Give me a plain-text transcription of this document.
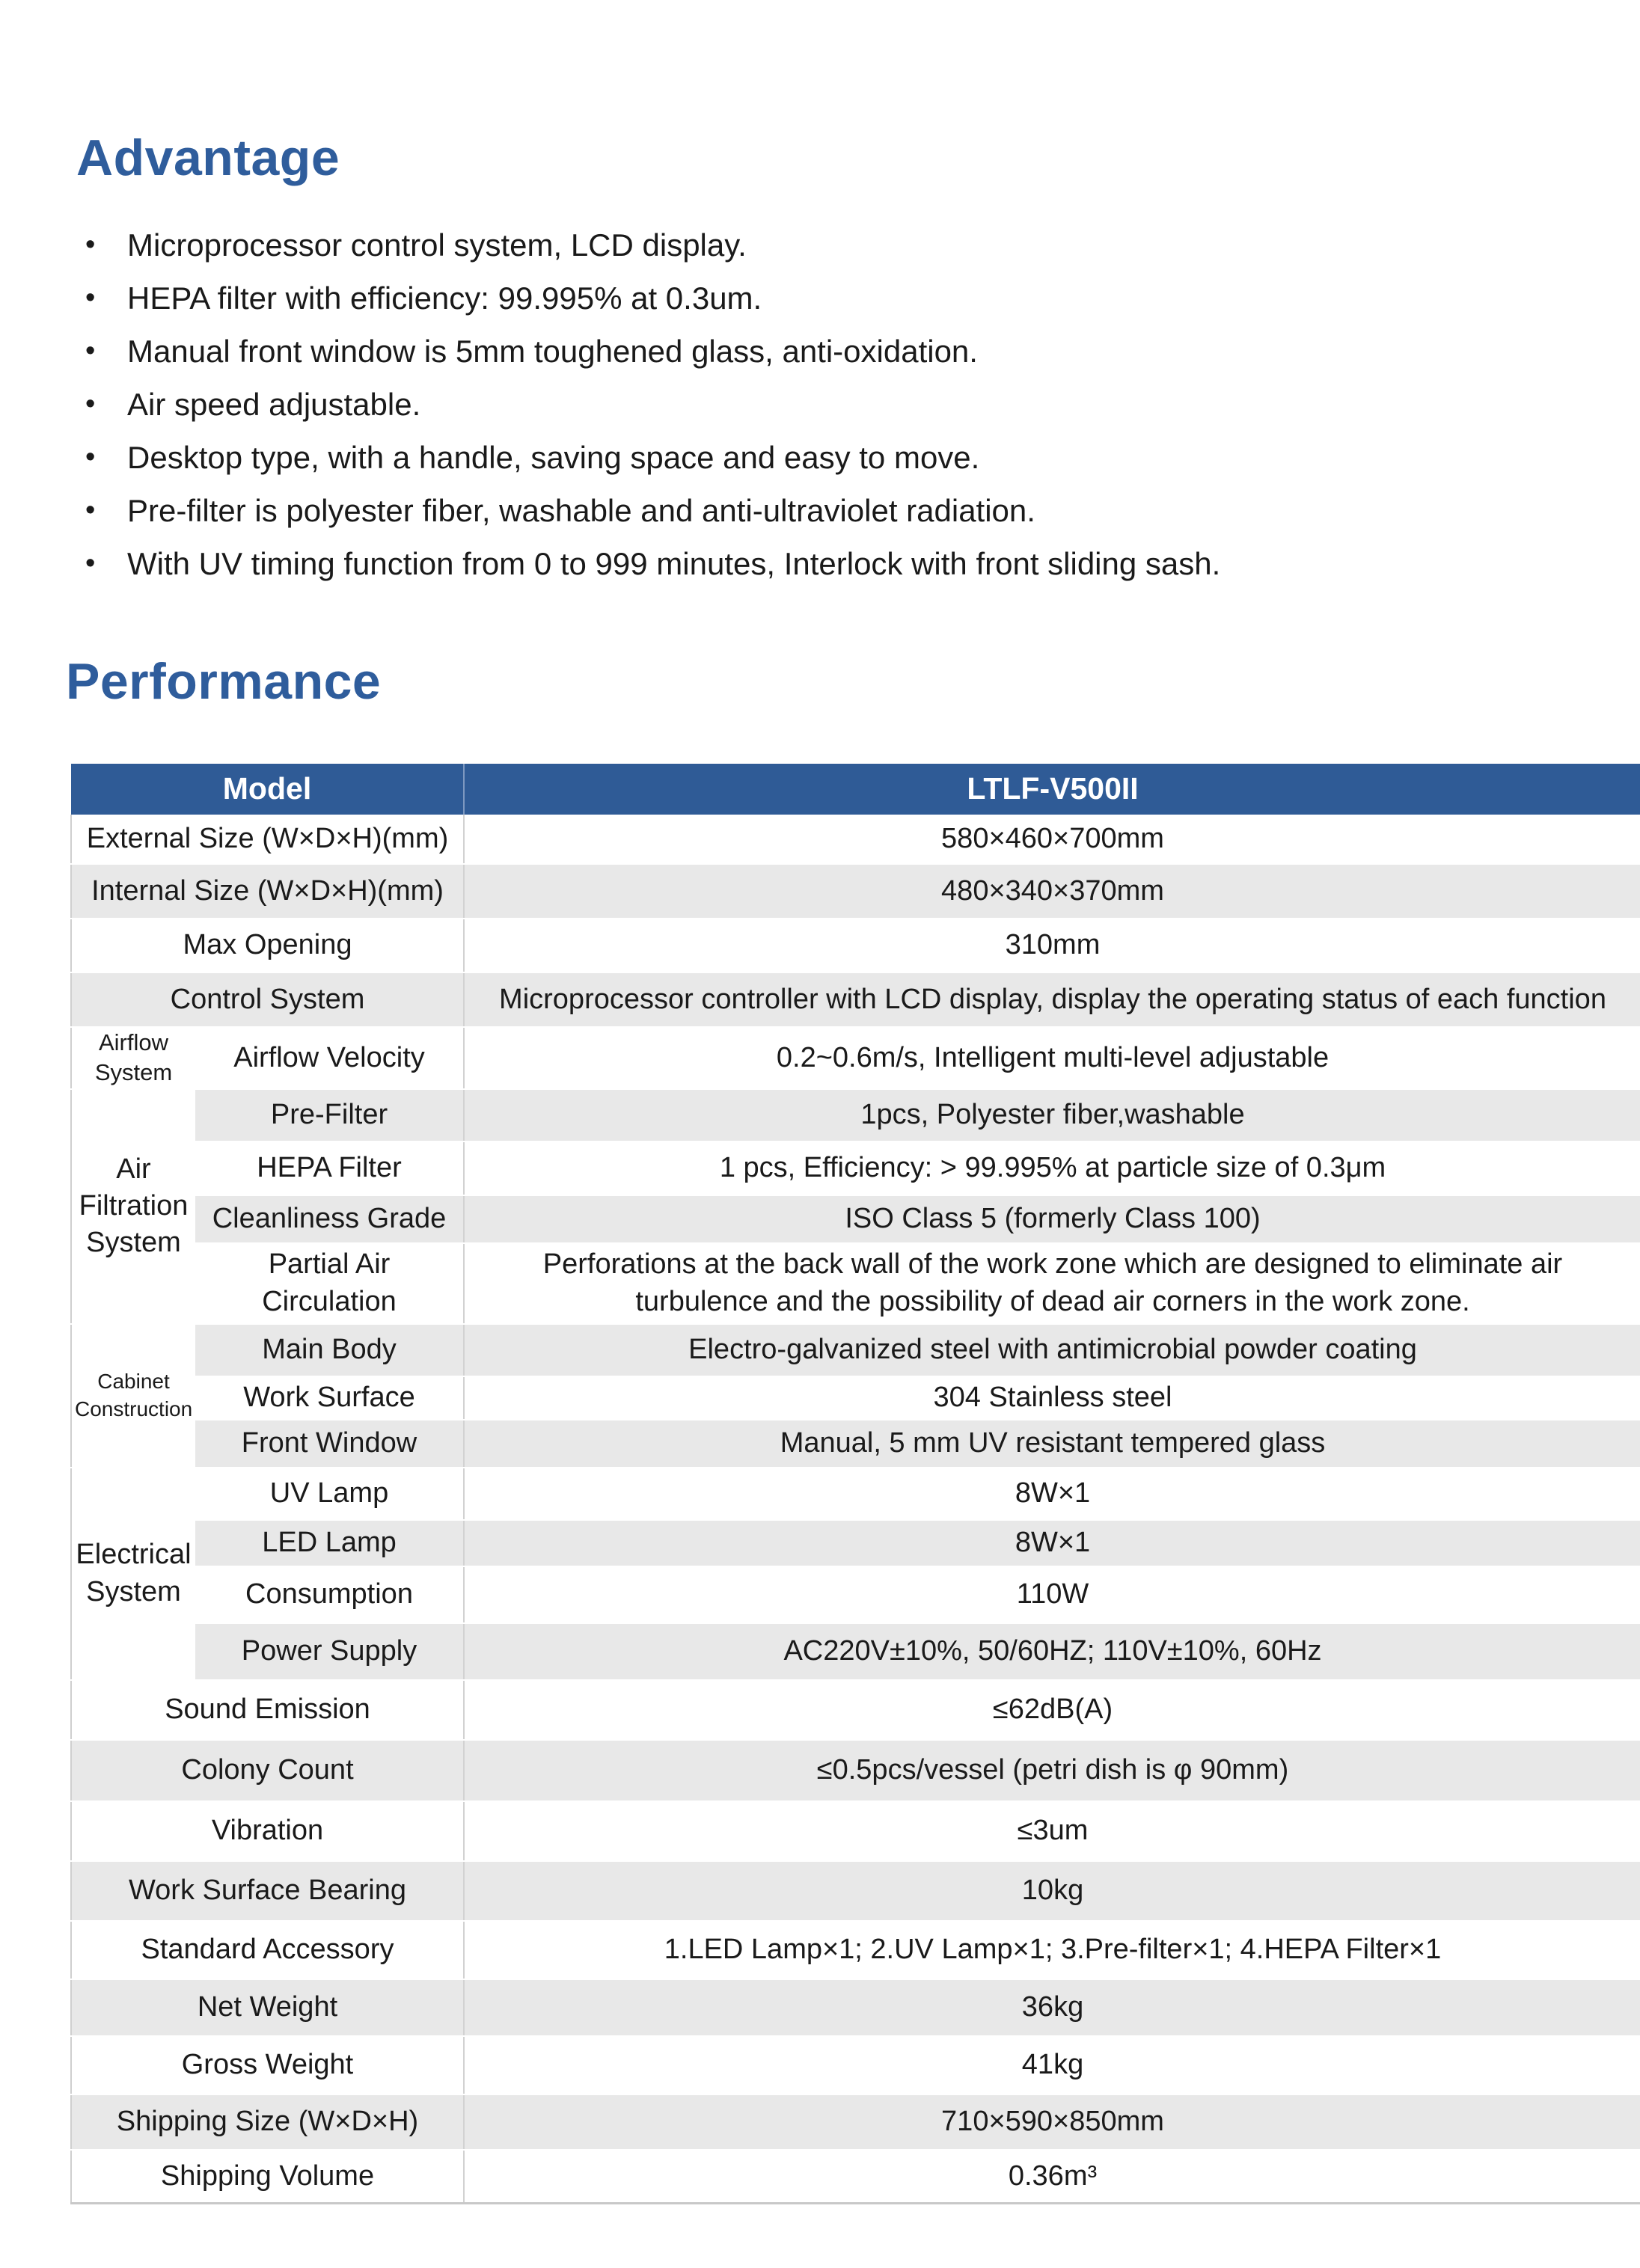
Advantage
• Microprocessor control system, LCD display.
• HEPA filter with efficiency: 99.995% at 0.3um.
• Manual front window is 5mm toughened glass, anti-oxidation.
• Air speed adjustable.
• Desktop type, with a handle, saving space and easy to move.
• Pre-filter is polyester fiber, washable and anti-ultraviolet radiation.
• With UV timing function from 0 to 999 minutes, Interlock with front sliding sash.
Performance
Model		LTLF-V500II
External Size (W×D×H)(mm)		580×460×700mm
Internal Size (W×D×H)(mm)		480×340×370mm
Max Opening		310mm
Control System		Microprocessor controller with LCD display, display the operating status of each function
Airflow System	Airflow Velocity	0.2~0.6m/s, Intelligent multi-level adjustable
Air Filtration System	Pre-Filter	1pcs, Polyester fiber,washable
	HEPA Filter	1 pcs, Efficiency: > 99.995% at particle size of 0.3μm
	Cleanliness Grade	ISO Class 5 (formerly Class 100)
	Partial Air Circulation	Perforations at the back wall of the work zone which are designed to eliminate air
turbulence and the possibility of dead air corners in the work zone.
Cabinet Construction	Main Body	Electro-galvanized steel with antimicrobial powder coating
	Work Surface	304 Stainless steel
	Front Window	Manual, 5 mm UV resistant tempered glass
Electrical System	UV Lamp	8W×1
	LED Lamp	8W×1
	Consumption	110W
	Power Supply	AC220V±10%, 50/60HZ; 110V±10%, 60Hz
Sound Emission		≤62dB(A)
Colony Count		≤0.5pcs/vessel (petri dish is φ 90mm)
Vibration		≤3um
Work Surface Bearing		10kg
Standard Accessory		1.LED Lamp×1; 2.UV Lamp×1; 3.Pre-filter×1; 4.HEPA Filter×1
Net Weight		36kg
Gross Weight		41kg
Shipping Size (W×D×H)		710×590×850mm
Shipping Volume		0.36m³
